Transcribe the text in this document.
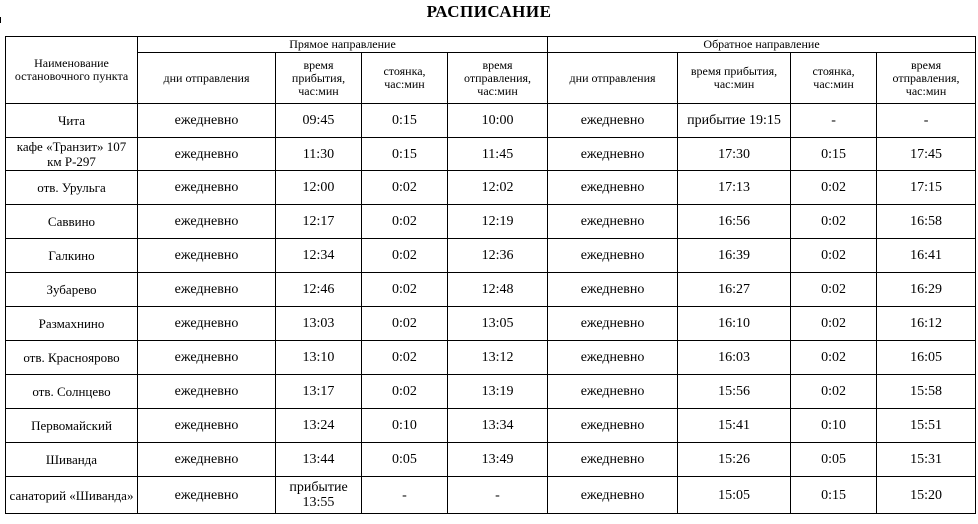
РАСПИСАНИЕ
Наименование остановочного пункта	Прямое направление				Обратное направление			
	дни отправления	время прибытия, час:мин	стоянка, час:мин	время отправления, час:мин	дни отправления	время прибытия, час:мин	стоянка, час:мин	время отправления, час:мин
Чита	ежедневно	09:45	0:15	10:00	ежедневно	прибытие 19:15	-	-
кафе «Транзит» 107 км Р-297	ежедневно	11:30	0:15	11:45	ежедневно	17:30	0:15	17:45
отв. Урульга	ежедневно	12:00	0:02	12:02	ежедневно	17:13	0:02	17:15
Саввино	ежедневно	12:17	0:02	12:19	ежедневно	16:56	0:02	16:58
Галкино	ежедневно	12:34	0:02	12:36	ежедневно	16:39	0:02	16:41
Зубарево	ежедневно	12:46	0:02	12:48	ежедневно	16:27	0:02	16:29
Размахнино	ежедневно	13:03	0:02	13:05	ежедневно	16:10	0:02	16:12
отв. Краснoярово	ежедневно	13:10	0:02	13:12	ежедневно	16:03	0:02	16:05
отв. Солнцево	ежедневно	13:17	0:02	13:19	ежедневно	15:56	0:02	15:58
Первомайский	ежедневно	13:24	0:10	13:34	ежедневно	15:41	0:10	15:51
Шиванда	ежедневно	13:44	0:05	13:49	ежедневно	15:26	0:05	15:31
санаторий «Шиванда»	ежедневно	прибытие 13:55	-	-	ежедневно	15:05	0:15	15:20
